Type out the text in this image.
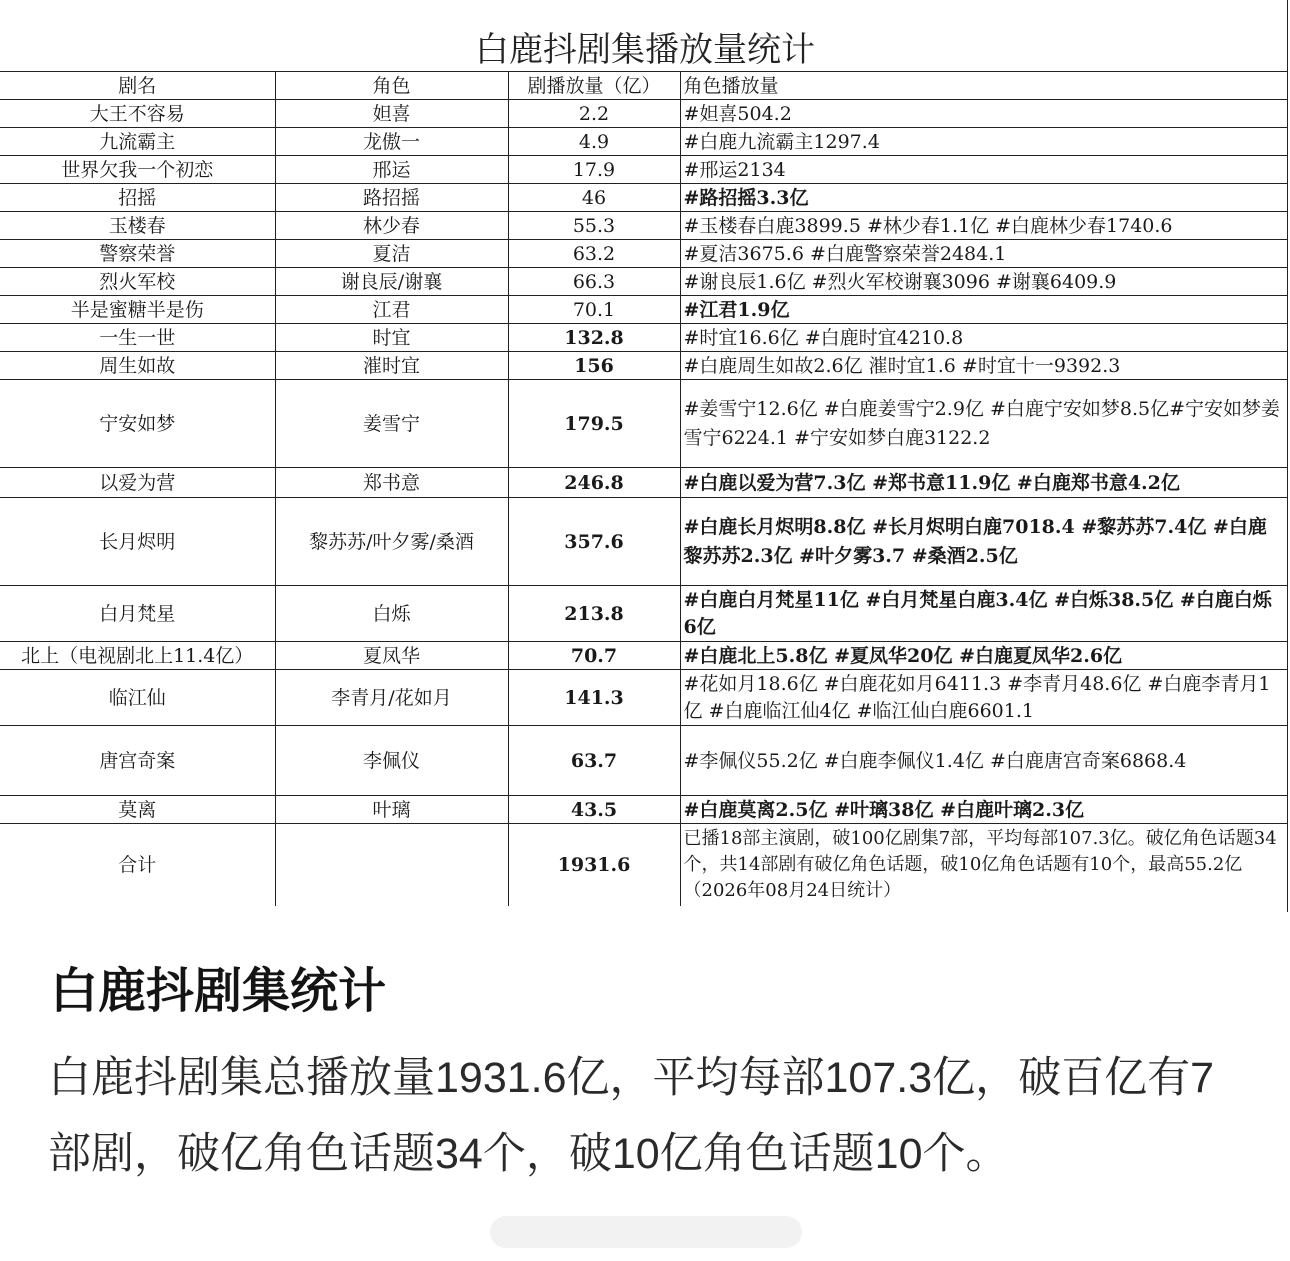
白鹿抖剧集播放量统计
剧名	角色	剧播放量（亿）	角色播放量
大王不容易	妲喜	2.2	#妲喜504.2
九流霸主	龙傲一	4.9	#白鹿九流霸主1297.4
世界欠我一个初恋	邢运	17.9	#邢运2134
招摇	路招摇	46	#路招摇3.3亿
玉楼春	林少春	55.3	#玉楼春白鹿3899.5 #林少春1.1亿 #白鹿林少春1740.6
警察荣誉	夏洁	63.2	#夏洁3675.6 #白鹿警察荣誉2484.1
烈火军校	谢良辰/谢襄	66.3	#谢良辰1.6亿 #烈火军校谢襄3096 #谢襄6409.9
半是蜜糖半是伤	江君	70.1	#江君1.9亿
一生一世	时宜	132.8	#时宜16.6亿 #白鹿时宜4210.8
周生如故	漼时宜	156	#白鹿周生如故2.6亿 漼时宜1.6 #时宜十一9392.3
宁安如梦	姜雪宁	179.5	#姜雪宁12.6亿 #白鹿姜雪宁2.9亿 #白鹿宁安如梦8.5亿#宁安如梦姜雪宁6224.1 #宁安如梦白鹿3122.2
以爱为营	郑书意	246.8	#白鹿以爱为营7.3亿 #郑书意11.9亿 #白鹿郑书意4.2亿
长月烬明	黎苏苏/叶夕雾/桑酒	357.6	#白鹿长月烬明8.8亿 #长月烬明白鹿7018.4 #黎苏苏7.4亿 #白鹿黎苏苏2.3亿 #叶夕雾3.7 #桑酒2.5亿
白月梵星	白烁	213.8	#白鹿白月梵星11亿 #白月梵星白鹿3.4亿 #白烁38.5亿 #白鹿白烁6亿
北上（电视剧北上11.4亿）	夏凤华	70.7	#白鹿北上5.8亿 #夏凤华20亿 #白鹿夏凤华2.6亿
临江仙	李青月/花如月	141.3	#花如月18.6亿 #白鹿花如月6411.3 #李青月48.6亿 #白鹿李青月1亿 #白鹿临江仙4亿 #临江仙白鹿6601.1
唐宫奇案	李佩仪	63.7	#李佩仪55.2亿 #白鹿李佩仪1.4亿 #白鹿唐宫奇案6868.4
莫离	叶璃	43.5	#白鹿莫离2.5亿 #叶璃38亿 #白鹿叶璃2.3亿
合计		1931.6	已播18部主演剧，破100亿剧集7部，平均每部107.3亿。破亿角色话题34个，共14部剧有破亿角色话题，破10亿角色话题有10个，最高55.2亿（2026年08月24日统计）
白鹿抖剧集统计

白鹿抖剧集总播放量1931.6亿，平均每部107.3亿，破百亿有7部剧，破亿角色话题34个，破10亿角色话题10个。
